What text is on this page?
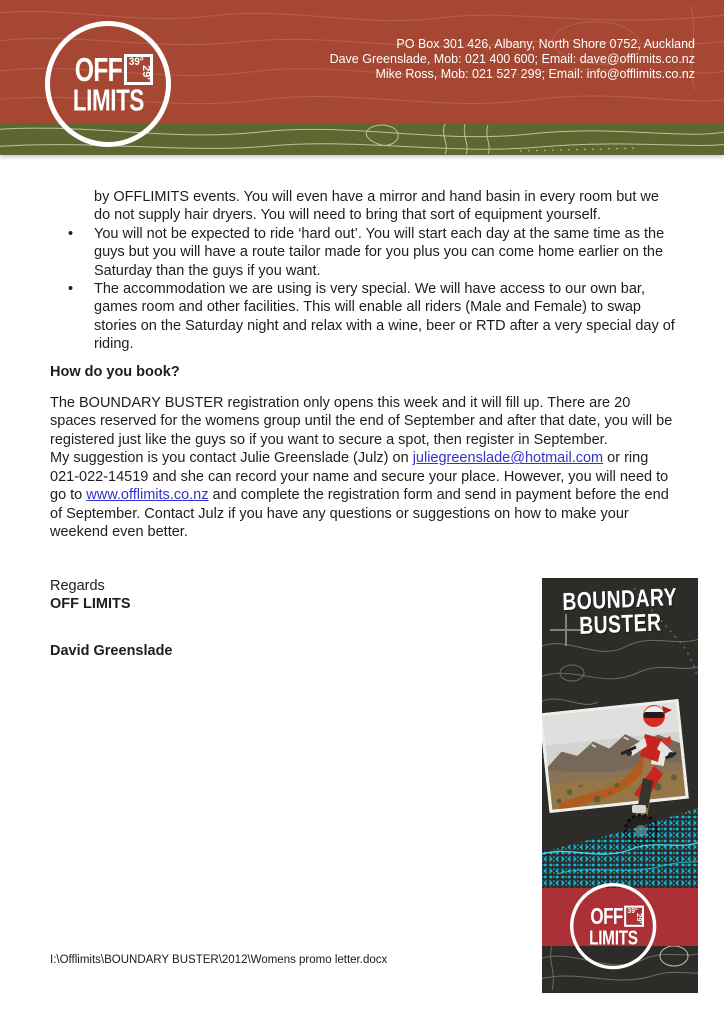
PO Box 301 426, Albany, North Shore 0752, Auckland
Dave Greenslade, Mob: 021 400 600; Email: dave@offlimits.co.nz
Mike Ross, Mob: 021 527 299; Email: info@offlimits.co.nz
OFF 39°
29'
LIMITS

by OFFLIMITS events. You will even have a mirror and hand basin in every room but we do not supply hair dryers. You will need to bring that sort of equipment yourself.

• You will not be expected to ride ‘hard out’. You will start each day at the same time as the guys but you will have a route tailor made for you plus you can come home earlier on the Saturday than the guys if you want.
• The accommodation we are using is very special. We will have access to our own bar, games room and other facilities. This will enable all riders (Male and Female) to swap stories on the Saturday night and relax with a wine, beer or RTD after a very special day of riding.

How do you book?

The BOUNDARY BUSTER registration only opens this week and it will fill up. There are 20 spaces reserved for the womens group until the end of September and after that date, you will be registered just like the guys so if you want to secure a spot, then register in September.

My suggestion is you contact Julie Greenslade (Julz) on juliegreenslade@hotmail.com or ring 021-022-14519 and she can record your name and secure your place. However, you will need to go to www.offlimits.co.nz and complete the registration form and send in payment before the end of September. Contact Julz if you have any questions or suggestions on how to make your weekend even better.

Regards
OFF LIMITS
David Greenslade
BOUNDARY
BUSTER
OFF 39°
29'
LIMITS
I:\Offlimits\BOUNDARY BUSTER\2012\Womens promo letter.docx
